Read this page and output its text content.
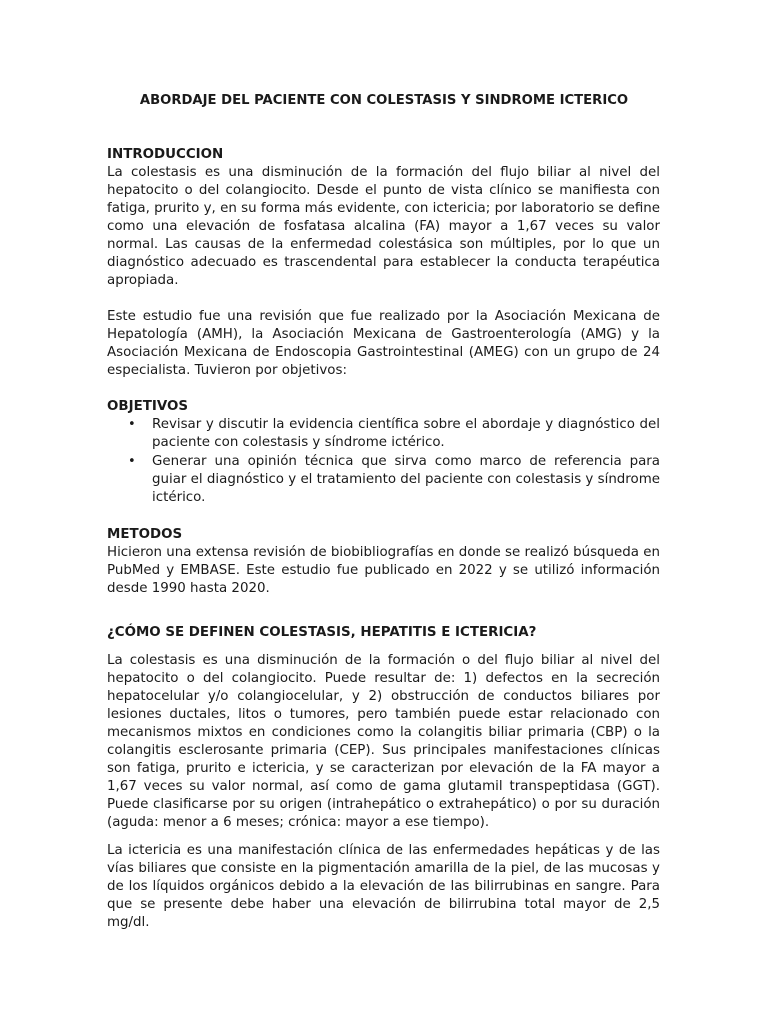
ABORDAJE DEL PACIENTE CON COLESTASIS Y SINDROME ICTERICO
INTRODUCCION

La colestasis es una disminución de la formación del flujo biliar al nivel del hepatocito o del colangiocito. Desde el punto de vista clínico se manifiesta con fatiga, prurito y, en su forma más evidente, con ictericia; por laboratorio se define como una elevación de fosfatasa alcalina (FA) mayor a 1,67 veces su valor normal. Las causas de la enfermedad colestásica son múltiples, por lo que un diagnóstico adecuado es trascendental para establecer la conducta terapéutica apropiada.

Este estudio fue una revisión que fue realizado por la Asociación Mexicana de Hepatología (AMH), la Asociación Mexicana de Gastroenterología (AMG) y la Asociación Mexicana de Endoscopia Gastrointestinal (AMEG) con un grupo de 24 especialista. Tuvieron por objetivos:

OBJETIVOS
• Revisar y discutir la evidencia científica sobre el abordaje y diagnóstico del paciente con colestasis y síndrome ictérico.
• Generar una opinión técnica que sirva como marco de referencia para guiar el diagnóstico y el tratamiento del paciente con colestasis y síndrome ictérico.
METODOS

Hicieron una extensa revisión de biobibliografías en donde se realizó búsqueda en PubMed y EMBASE. Este estudio fue publicado en 2022 y se utilizó información desde 1990 hasta 2020.

¿CÓMO SE DEFINEN COLESTASIS, HEPATITIS E ICTERICIA?

La colestasis es una disminución de la formación o del flujo biliar al nivel del hepatocito o del colangiocito. Puede resultar de: 1) defectos en la secreción hepatocelular y/o colangiocelular, y 2) obstrucción de conductos biliares por lesiones ductales, litos o tumores, pero también puede estar relacionado con mecanismos mixtos en condiciones como la colangitis biliar primaria (CBP) o la colangitis esclerosante primaria (CEP). Sus principales manifestaciones clínicas son fatiga, prurito e ictericia, y se caracterizan por elevación de la FA mayor a 1,67 veces su valor normal, así como de gama glutamil transpeptidasa (GGT). Puede clasificarse por su origen (intrahepático o extrahepático) o por su duración (aguda: menor a 6 meses; crónica: mayor a ese tiempo).

La ictericia es una manifestación clínica de las enfermedades hepáticas y de las vías biliares que consiste en la pigmentación amarilla de la piel, de las mucosas y de los líquidos orgánicos debido a la elevación de las bilirrubinas en sangre. Para que se presente debe haber una elevación de bilirrubina total mayor de 2,5 mg/dl.
